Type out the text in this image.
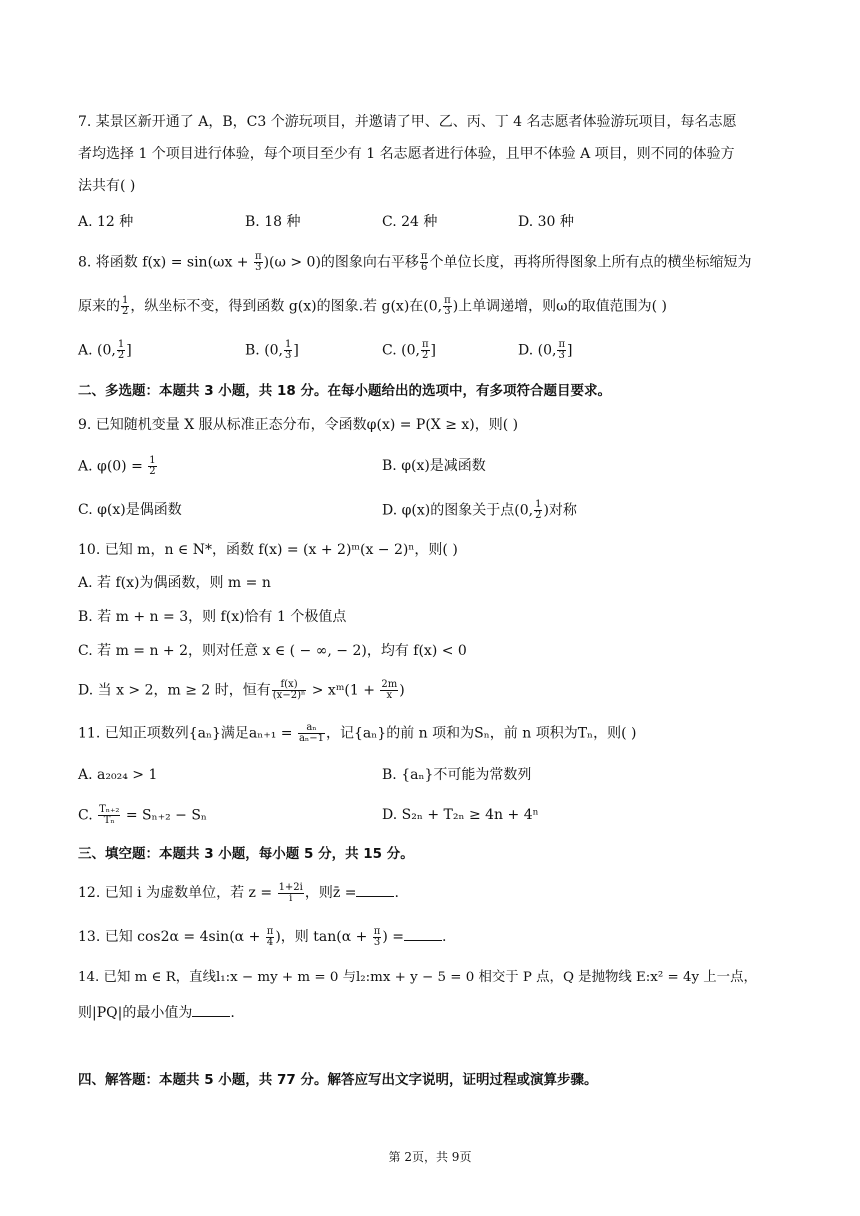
7. 某景区新开通了 A，B，C3 个游玩项目，并邀请了甲、乙、丙、丁 4 名志愿者体验游玩项目，每名志愿
者均选择 1 个项目进行体验，每个项目至少有 1 名志愿者进行体验，且甲不体验 A 项目，则不同的体验方
法共有( )
A. 12 种	B. 18 种	C. 24 种	D. 30 种
8. 将函数 $f(x) = \sin(\omega x + \frac{\pi}{3} )(\omega > 0)$的图象向右平移 $\frac{\pi}{6}$ 个单位长度，再将所得图象上所有点的横坐标缩短为
原来的 $\frac{1}{2}$ ，纵坐标不变，得到函数 g(x)的图象.若 g(x)在(0, $\frac{\pi}{3}$ )上单调递增，则ω的取值范围为( )
A. (0, $\frac{1}{2}$ ]	B. (0, $\frac{1}{3}$ ]	C. (0, $\frac{\pi}{2}$ ]	D. (0, $\frac{\pi}{3}$ ]
二、多选题：本题共 3 小题，共 18 分。在每小题给出的选项中，有多项符合题目要求。
9. 已知随机变量 X 服从标准正态分布，令函数φ(x) = P(X ≥ x)，则( )
A. $\varphi(0) = \frac{1}{2}$	B. φ(x)是减函数
C. φ(x)是偶函数	D. φ(x)的图象关于点(0, $\frac{1}{2}$ )对称
10. 已知 m，n ∈ N*，函数 f(x) = (x + 2)ᵐ(x − 2)ⁿ，则( )
A. 若 f(x)为偶函数，则 m = n
B. 若 m + n = 3，则 f(x)恰有 1 个极值点
C. 若 m = n + 2，则对任意 x ∈ ( − ∞, − 2)，均有 f(x) < 0
D. 当 x > 2，m ≥ 2 时，恒有 $\frac{f(x)}{\text{(x−2)ⁿ}}$ > xᵐ(1 + $\frac{2m}{x}$ )
11. 已知正项数列{aₙ}满足$a_{n+1} = \frac{\text{aₙ}}{\text{aₙ−1}}$ ，记{aₙ}的前 n 项和为Sₙ，前 n 项积为Tₙ，则( )
A. a₂₀₂₄ > 1	B. {aₙ}不可能为常数列
C. $\frac{\text{Tₙ₊₂}}{\text{Tₙ}} = S_{n+2} - S_n$	D. S₂ₙ + T₂ₙ ≥ 4n + 4ⁿ
三、填空题：本题共 3 小题，每小题 5 分，共 15 分。
12. 已知 i 为虚数单位，若 $z = \frac{1+2i}{i}$ ，则z̄ =	.
13. 已知 $\cos 2\alpha = 4\sin(\alpha + \frac{\pi}{4}$ )，则 $\tan(\alpha + \frac{\pi}{3}$ ) =	.
14. 已知 m ∈ R，直线l₁:x − my + m = 0 与l₂:mx + y − 5 = 0 相交于 P 点，Q 是抛物线 E:x² = 4y 上一点，
则|PQ|的最小值为	.
四、解答题：本题共 5 小题，共 77 分。解答应写出文字说明，证明过程或演算步骤。
第 2页，共 9页
